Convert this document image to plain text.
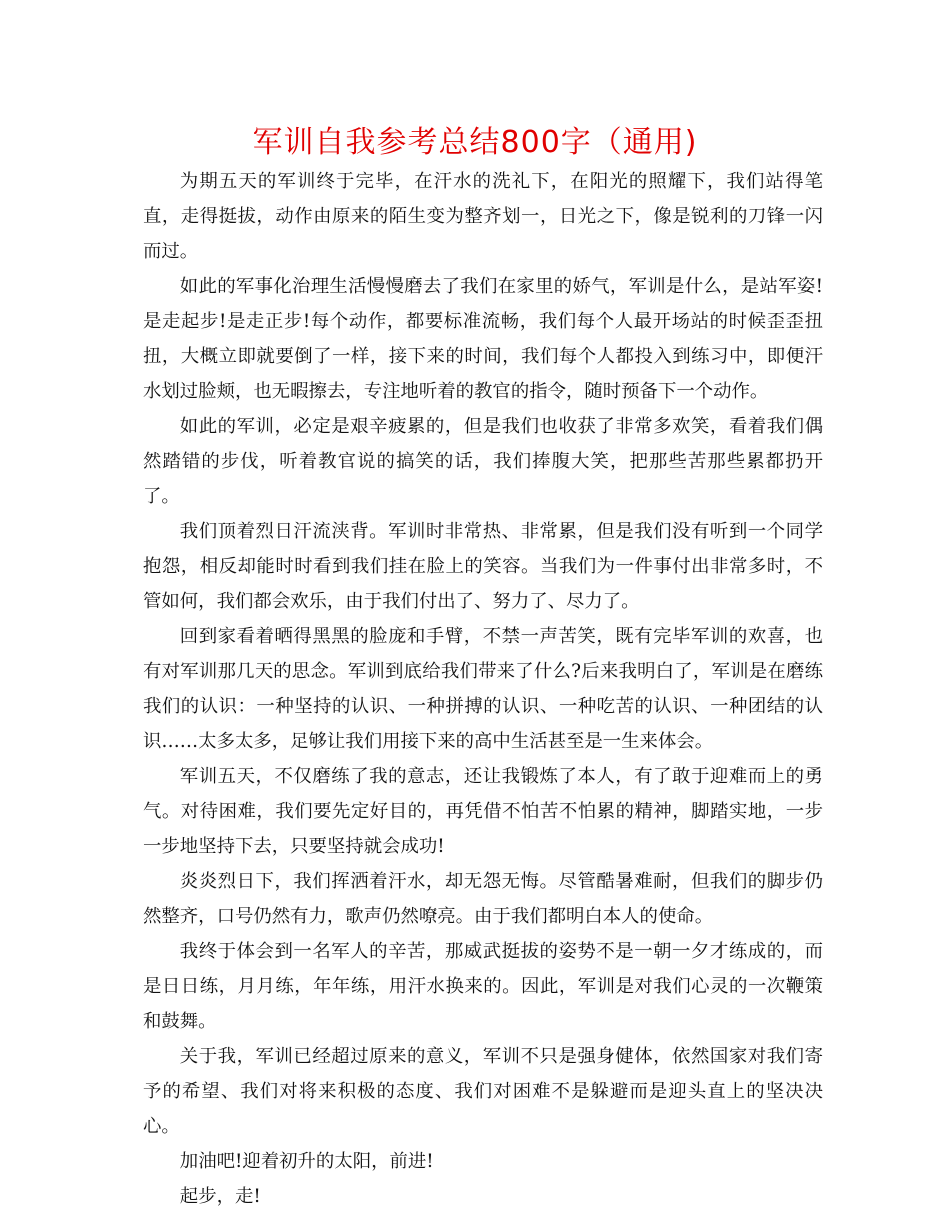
军训自我参考总结800字（通用)

为期五天的军训终于完毕，在汗水的洗礼下，在阳光的照耀下，我们站得笔直，走得挺拔，动作由原来的陌生变为整齐划一，日光之下，像是锐利的刀锋一闪而过。

如此的军事化治理生活慢慢磨去了我们在家里的娇气，军训是什么，是站军姿!是走起步!是走正步!每个动作，都要标准流畅，我们每个人最开场站的时候歪歪扭扭，大概立即就要倒了一样，接下来的时间，我们每个人都投入到练习中，即便汗水划过脸颊，也无暇擦去，专注地听着的教官的指令，随时预备下一个动作。

如此的军训，必定是艰辛疲累的，但是我们也收获了非常多欢笑，看着我们偶然踏错的步伐，听着教官说的搞笑的话，我们捧腹大笑，把那些苦那些累都扔开了。

我们顶着烈日汗流浃背。军训时非常热、非常累，但是我们没有听到一个同学抱怨，相反却能时时看到我们挂在脸上的笑容。当我们为一件事付出非常多时，不管如何，我们都会欢乐，由于我们付出了、努力了、尽力了。

回到家看着晒得黑黑的脸庞和手臂，不禁一声苦笑，既有完毕军训的欢喜，也有对军训那几天的思念。军训到底给我们带来了什么?后来我明白了，军训是在磨练我们的认识：一种坚持的认识、一种拼搏的认识、一种吃苦的认识、一种团结的认识……太多太多，足够让我们用接下来的高中生活甚至是一生来体会。

军训五天，不仅磨练了我的意志，还让我锻炼了本人，有了敢于迎难而上的勇气。对待困难，我们要先定好目的，再凭借不怕苦不怕累的精神，脚踏实地，一步一步地坚持下去，只要坚持就会成功!

炎炎烈日下，我们挥洒着汗水，却无怨无悔。尽管酷暑难耐，但我们的脚步仍然整齐，口号仍然有力，歌声仍然嘹亮。由于我们都明白本人的使命。

我终于体会到一名军人的辛苦，那威武挺拔的姿势不是一朝一夕才练成的，而是日日练，月月练，年年练，用汗水换来的。因此，军训是对我们心灵的一次鞭策和鼓舞。

关于我，军训已经超过原来的意义，军训不只是强身健体，依然国家对我们寄予的希望、我们对将来积极的态度、我们对困难不是躲避而是迎头直上的坚决决心。

加油吧!迎着初升的太阳，前进!

起步，走!
